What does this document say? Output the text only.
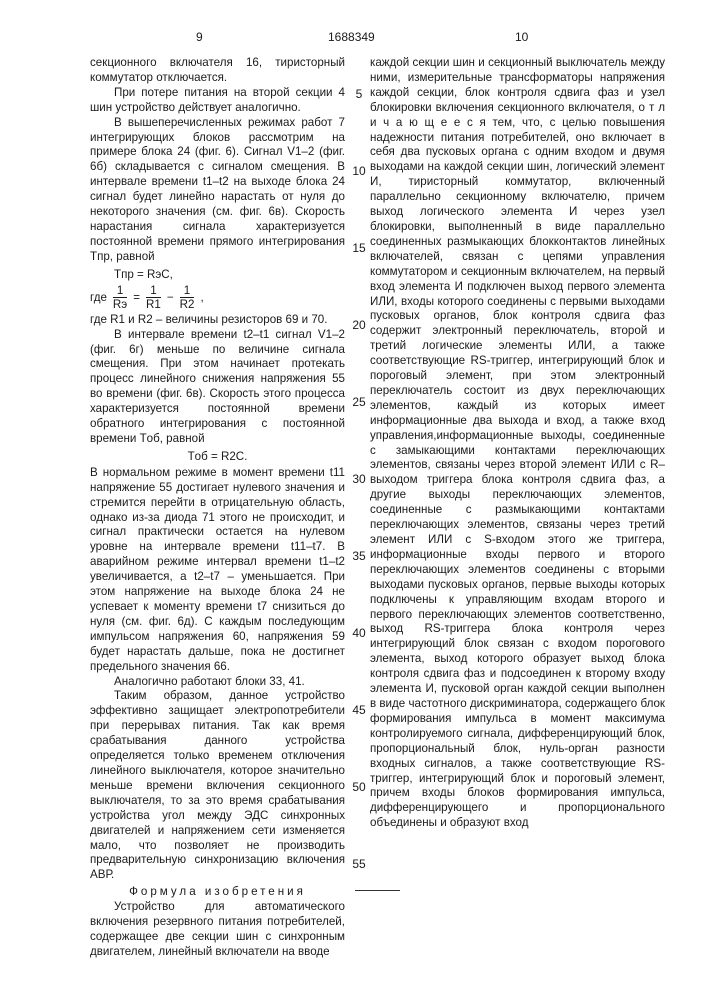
9	1688349	10

секционного включателя 16, тиристорный коммутатор отключается.

При потере питания на второй секции 4 шин устройство действует аналогично.

В вышеперечисленных режимах работ 7 интегрирующих блоков рассмотрим на примере блока 24 (фиг. 6). Сигнал V1–2 (фиг. 6б) складывается с сигналом смещения. В интервале времени t1–t2 на выходе блока 24 сигнал будет линейно нарастать от нуля до некоторого значения (см. фиг. 6в). Скорость нарастания сигнала характеризуется постоянной времени прямого интегрирования Tпр, равной

Tпр = RэC,
где
1
Rэ
=
1
R1
−
1
R2
,

где R1 и R2 – величины резисторов 69 и 70.

В интервале времени t2–t1 сигнал V1–2 (фиг. 6г) меньше по величине сигнала смещения. При этом начинает протекать процесс линейного снижения напряжения 55 во времени (фиг. 6в). Скорость этого процесса характеризуется постоянной времени обратного интегрирования с постоянной времени Tоб, равной

Tоб = R2C.

В нормальном режиме в момент времени t11 напряжение 55 достигает нулевого значения и стремится перейти в отрицательную область, однако из-за диода 71 этого не происходит, и сигнал практически остается на нулевом уровне на интервале времени t11–t7. В аварийном режиме интервал времени t1–t2 увеличивается, а t2–t7 – уменьшается. При этом напряжение на выходе блока 24 не успевает к моменту времени t7 снизиться до нуля (см. фиг. 6д). С каждым последующим импульсом напряжения 60, напряжения 59 будет нарастать дальше, пока не достигнет предельного значения 66.

Аналогично работают блоки 33, 41.

Таким образом, данное устройство эффективно защищает электропотребители при перерывах питания. Так как время срабатывания данного устройства определяется только временем отключения линейного выключателя, которое значительно меньше времени включения секционного выключателя, то за это время срабатывания устройства угол между ЭДС синхронных двигателей и напряжением сети изменяется мало, что позволяет не производить предварительную синхронизацию включения АВР.

Формула изобретения

Устройство для автоматического включения резервного питания потребителей, содержащее две секции шин с синхронным двигателем, линейный включатели на вводе

5
10
15
20
25
30
35
40
45
50
55

каждой секции шин и секционный выключатель между ними, измерительные трансформаторы напряжения каждой секции, блок контроля сдвига фаз и узел блокировки включения секционного включателя, о т л и ч а ю щ е е с я тем, что, с целью повышения надежности питания потребителей, оно включает в себя два пусковых органа с одним входом и двумя выходами на каждой секции шин, логический элемент И, тиристорный коммутатор, включенный параллельно секционному включателю, причем выход логического элемента И через узел блокировки, выполненный в виде параллельно соединенных размыкающих блокконтактов линейных включателей, связан с цепями управления коммутатором и секционным включателем, на первый вход элемента И подключен выход первого элемента ИЛИ, входы которого соединены с первыми выходами пусковых органов, блок контроля сдвига фаз содержит электронный переключатель, второй и третий логические элементы ИЛИ, а также соответствующие RS-триггер, интегрирующий блок и пороговый элемент, при этом электронный переключатель состоит из двух переключающих элементов, каждый из которых имеет информационные два выхода и вход, а также вход управления,информационные выходы, соединенные с замыкающими контактами переключающих элементов, связаны через второй элемент ИЛИ с R–выходом триггера блока контроля сдвига фаз, а другие выходы переключающих элементов, соединенные с размыкающими контактами переключающих элементов, связаны через третий элемент ИЛИ с S-входом этого же триггера, информационные входы первого и второго переключающих элементов соединены с вторыми выходами пусковых органов, первые выходы которых подключены к управляющим входам второго и первого переключающих элементов соответственно, выход RS-триггера блока контроля через интегрирующий блок связан с входом порогового элемента, выход которого образует выход блока контроля сдвига фаз и подсоединен к второму входу элемента И, пусковой орган каждой секции выполнен в виде частотного дискриминатора, содержащего блок формирования импульса в момент максимума контролируемого сигнала, дифференцирующий блок, пропорциональный блок, нуль-орган разности входных сигналов, а также соответствующие RS-триггер, интегрирующий блок и пороговый элемент, причем входы блоков формирования импульса, дифференцирующего и пропорционального объединены и образуют вход
